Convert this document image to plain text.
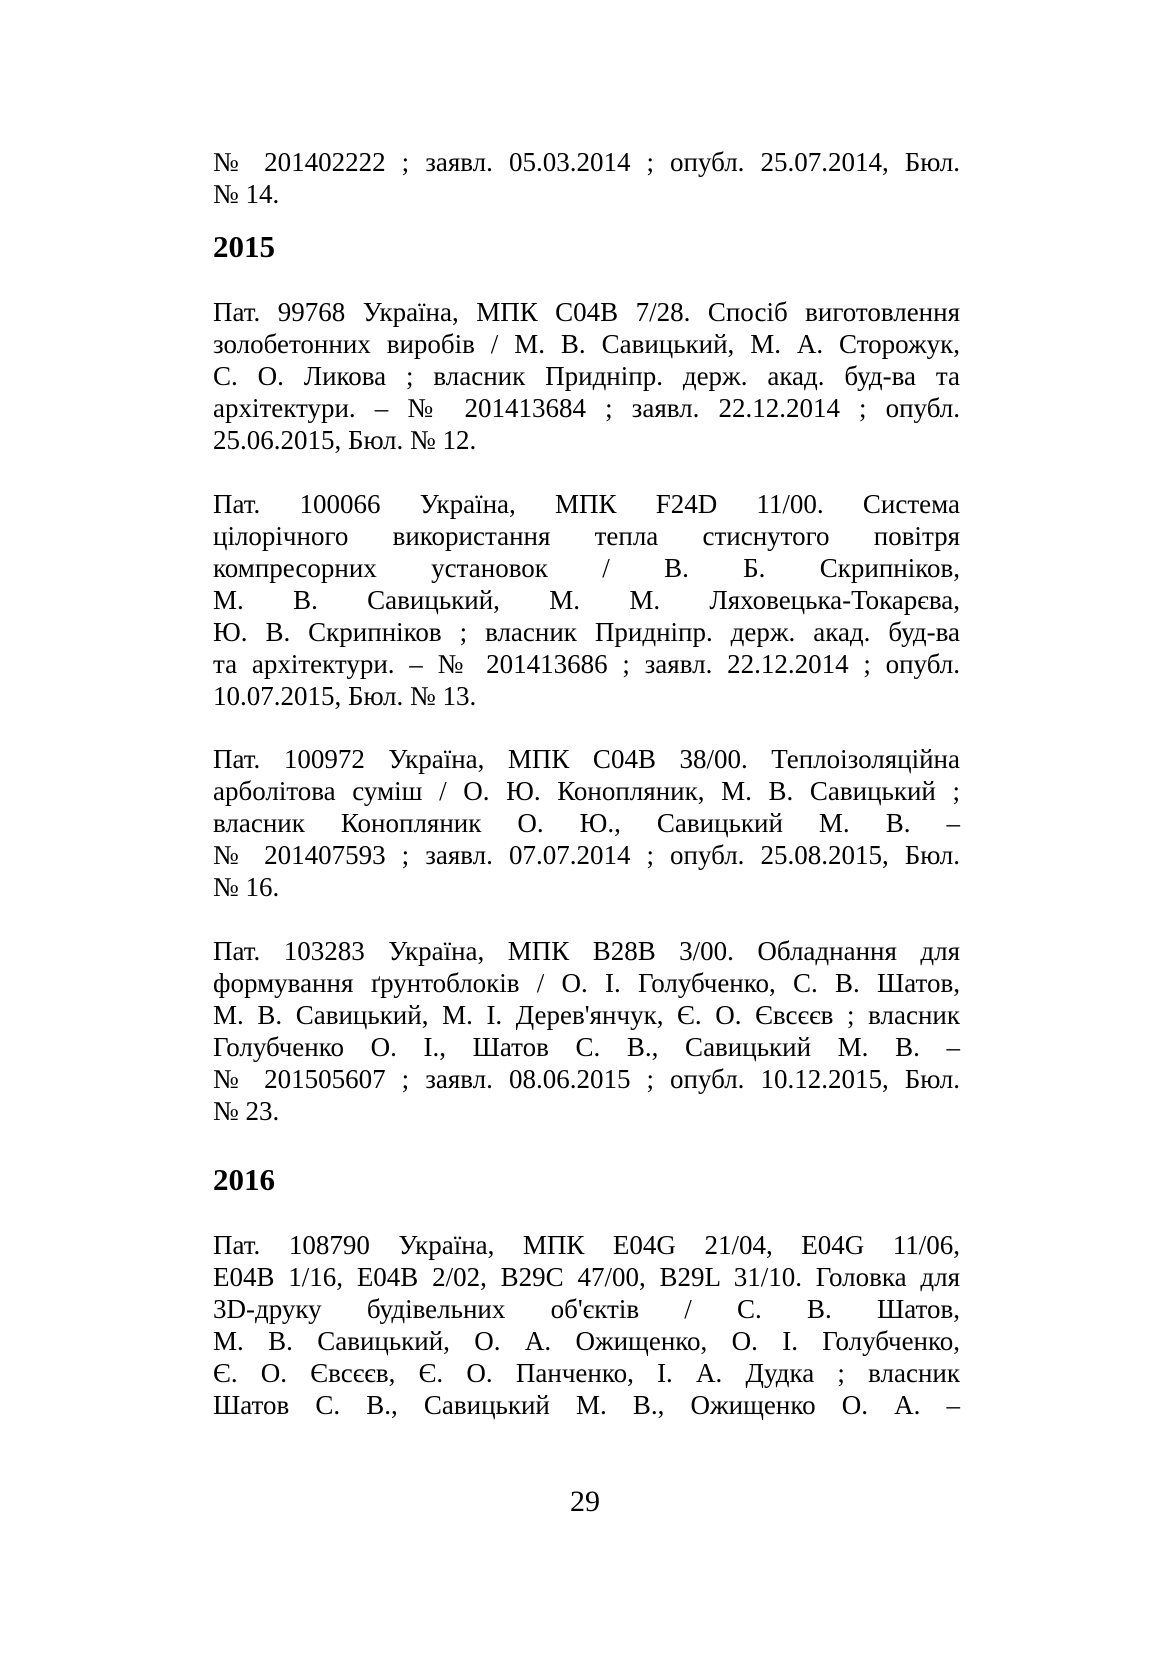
№ 201402222 ; заявл. 05.03.2014 ; опубл. 25.07.2014, Бюл.
№ 14.
2015
Пат. 99768 Україна, МПК C04B 7/28. Спосіб виготовлення
золобетонних виробів / М. В. Савицький, М. А. Сторожук,
С. О. Ликова ; власник Придніпр. держ. акад. буд-ва та
архітектури. – № 201413684 ; заявл. 22.12.2014 ; опубл.
25.06.2015, Бюл. № 12.
Пат. 100066 Україна, МПК F24D 11/00. Система
цілорічного використання тепла стиснутого повітря
компресорних установок / В. Б. Скрипніков,
М. В. Савицький, М. М. Ляховецька-Токарєва,
Ю. В. Скрипніков ; власник Придніпр. держ. акад. буд-ва
та архітектури. – № 201413686 ; заявл. 22.12.2014 ; опубл.
10.07.2015, Бюл. № 13.
Пат. 100972 Україна, МПК C04B 38/00. Теплоізоляційна
арболітова суміш / О. Ю. Конопляник, М. В. Савицький ;
власник Конопляник О. Ю., Савицький М. В. –
№ 201407593 ; заявл. 07.07.2014 ; опубл. 25.08.2015, Бюл.
№ 16.
Пат. 103283 Україна, МПК B28B 3/00. Обладнання для
формування ґрунтоблоків / О. І. Голубченко, С. В. Шатов,
М. В. Савицький, М. І. Дерев'янчук, Є. О. Євсєєв ; власник
Голубченко О. І., Шатов С. В., Савицький М. В. –
№ 201505607 ; заявл. 08.06.2015 ; опубл. 10.12.2015, Бюл.
№ 23.
2016
Пат. 108790 Україна, МПК E04G 21/04, E04G 11/06,
E04B 1/16, E04B 2/02, B29C 47/00, B29L 31/10. Головка для
3D-друку будівельних об'єктів / С. В. Шатов,
М. В. Савицький, О. А. Ожищенко, О. І. Голубченко,
Є. О. Євсєєв, Є. О. Панченко, І. А. Дудка ; власник
Шатов С. В., Савицький М. В., Ожищенко О. А. –
29
